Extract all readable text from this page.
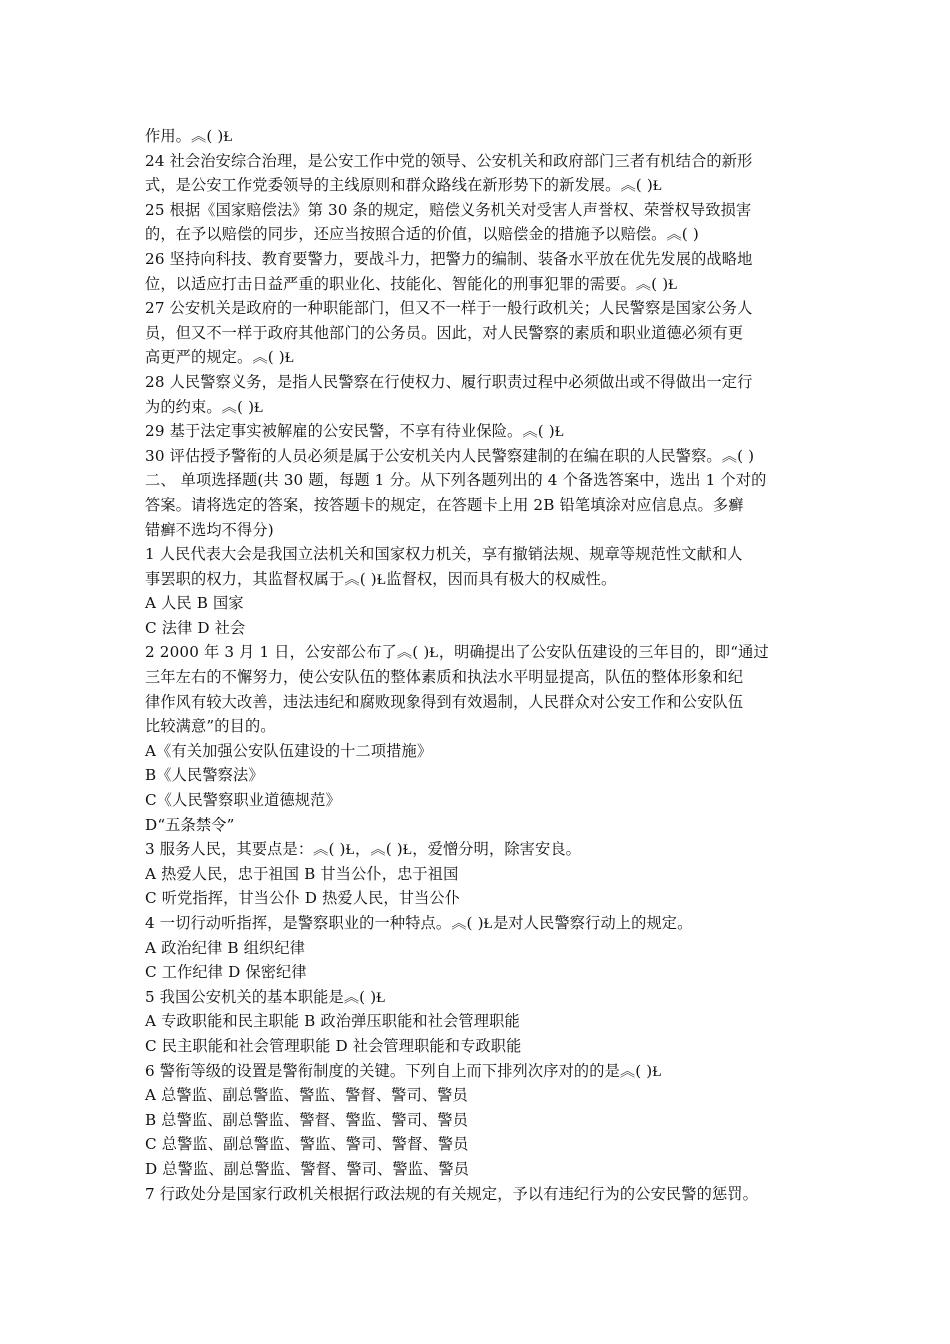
作用。︽( )Ɫ
24 社会治安综合治理，是公安工作中党的领导、公安机关和政府部门三者有机结合的新形
式，是公安工作党委领导的主线原则和群众路线在新形势下的新发展。︽( )Ɫ
25 根据《国家赔偿法》第 30 条的规定，赔偿义务机关对受害人声誉权、荣誉权导致损害
的，在予以赔偿的同步，还应当按照合适的价值，以赔偿金的措施予以赔偿。︽( )
26 坚持向科技、教育要警力，要战斗力，把警力的编制、装备水平放在优先发展的战略地
位，以适应打击日益严重的职业化、技能化、智能化的刑事犯罪的需要。︽( )Ɫ
27 公安机关是政府的一种职能部门，但又不一样于一般行政机关；人民警察是国家公务人
员，但又不一样于政府其他部门的公务员。因此，对人民警察的素质和职业道德必须有更
高更严的规定。︽( )Ɫ
28 人民警察义务，是指人民警察在行使权力、履行职责过程中必须做出或不得做出一定行
为的约束。︽( )Ɫ
29 基于法定事实被解雇的公安民警，不享有待业保险。︽( )Ɫ
30 评估授予警衔的人员必须是属于公安机关内人民警察建制的在编在职的人民警察。︽( )
二、 单项选择题(共 30 题，每题 1 分。从下列各题列出的 4 个备选答案中，选出 1 个对的
答案。请将选定的答案，按答题卡的规定，在答题卡上用 2B 铅笔填涂对应信息点。多癣
错癣不选均不得分)
1 人民代表大会是我国立法机关和国家权力机关，享有撤销法规、规章等规范性文献和人
事罢职的权力，其监督权属于︽( )Ɫ监督权，因而具有极大的权威性。
A 人民 B 国家
C 法律 D 社会
2 2000 年 3 月 1 日，公安部公布了︽( )Ɫ，明确提出了公安队伍建设的三年目的，即“通过
三年左右的不懈努力，使公安队伍的整体素质和执法水平明显提高，队伍的整体形象和纪
律作风有较大改善，违法违纪和腐败现象得到有效遏制，人民群众对公安工作和公安队伍
比较满意”的目的。
A《有关加强公安队伍建设的十二项措施》
B《人民警察法》
C《人民警察职业道德规范》
D“五条禁令”
3 服务人民，其要点是：︽( )Ɫ，︽( )Ɫ，爱憎分明，除害安良。
A 热爱人民，忠于祖国 B 甘当公仆，忠于祖国
C 听党指挥，甘当公仆 D 热爱人民，甘当公仆
4 一切行动听指挥，是警察职业的一种特点。︽( )Ɫ是对人民警察行动上的规定。
A 政治纪律 B 组织纪律
C 工作纪律 D 保密纪律
5 我国公安机关的基本职能是︽( )Ɫ
A 专政职能和民主职能 B 政治弹压职能和社会管理职能
C 民主职能和社会管理职能 D 社会管理职能和专政职能
6 警衔等级的设置是警衔制度的关键。下列自上而下排列次序对的的是︽( )Ɫ
A 总警监、副总警监、警监、警督、警司、警员
B 总警监、副总警监、警督、警监、警司、警员
C 总警监、副总警监、警监、警司、警督、警员
D 总警监、副总警监、警督、警司、警监、警员
7 行政处分是国家行政机关根据行政法规的有关规定，予以有违纪行为的公安民警的惩罚。
